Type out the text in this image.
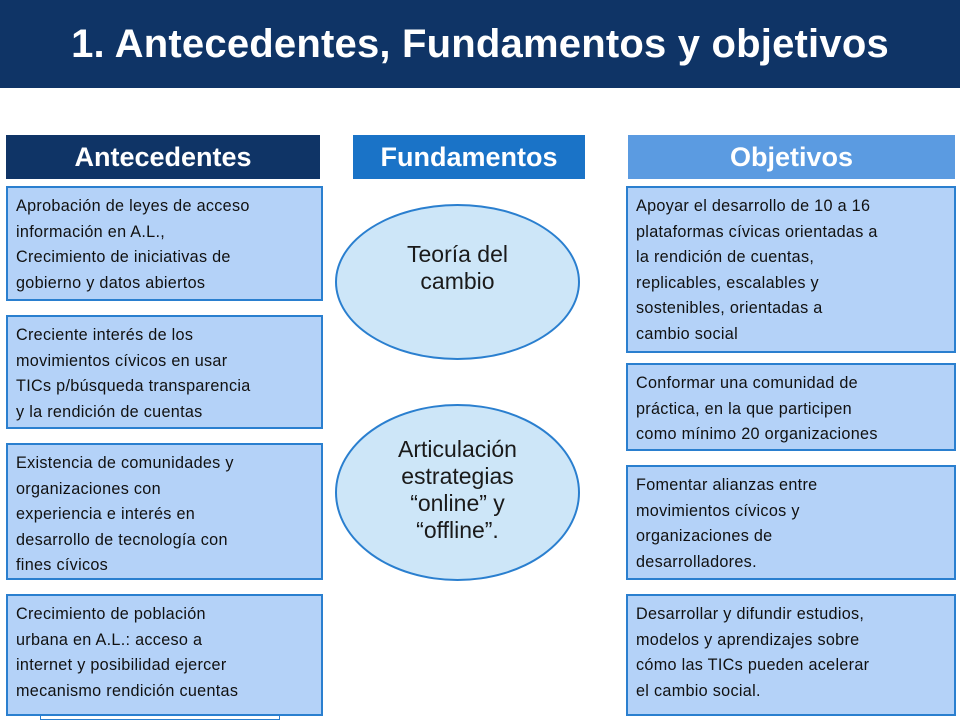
1. Antecedentes, Fundamentos y objetivos
Antecedentes	Fundamentos	Objetivos
Aprobación de leyes de acceso
información en A.L.,
Crecimiento de iniciativas de
gobierno y datos abiertos
Creciente interés de los
movimientos cívicos en usar
TICs p/búsqueda transparencia
y la rendición de cuentas
Existencia de comunidades y
organizaciones con
experiencia e interés en
desarrollo de tecnología con
fines cívicos
Crecimiento de población
urbana en A.L.: acceso a
internet y posibilidad ejercer
mecanismo rendición cuentas
Teoría del
cambio
Articulación
estrategias
“online” y
“offline”.
Apoyar el desarrollo de 10 a 16
plataformas cívicas orientadas a
la rendición de cuentas,
replicables, escalables y
sostenibles, orientadas a
cambio social
Conformar una comunidad de
práctica, en la que participen
como mínimo 20 organizaciones
Fomentar alianzas entre
movimientos cívicos y
organizaciones de
desarrolladores.
Desarrollar y difundir estudios,
modelos y aprendizajes sobre
cómo las TICs pueden acelerar
el cambio social.
